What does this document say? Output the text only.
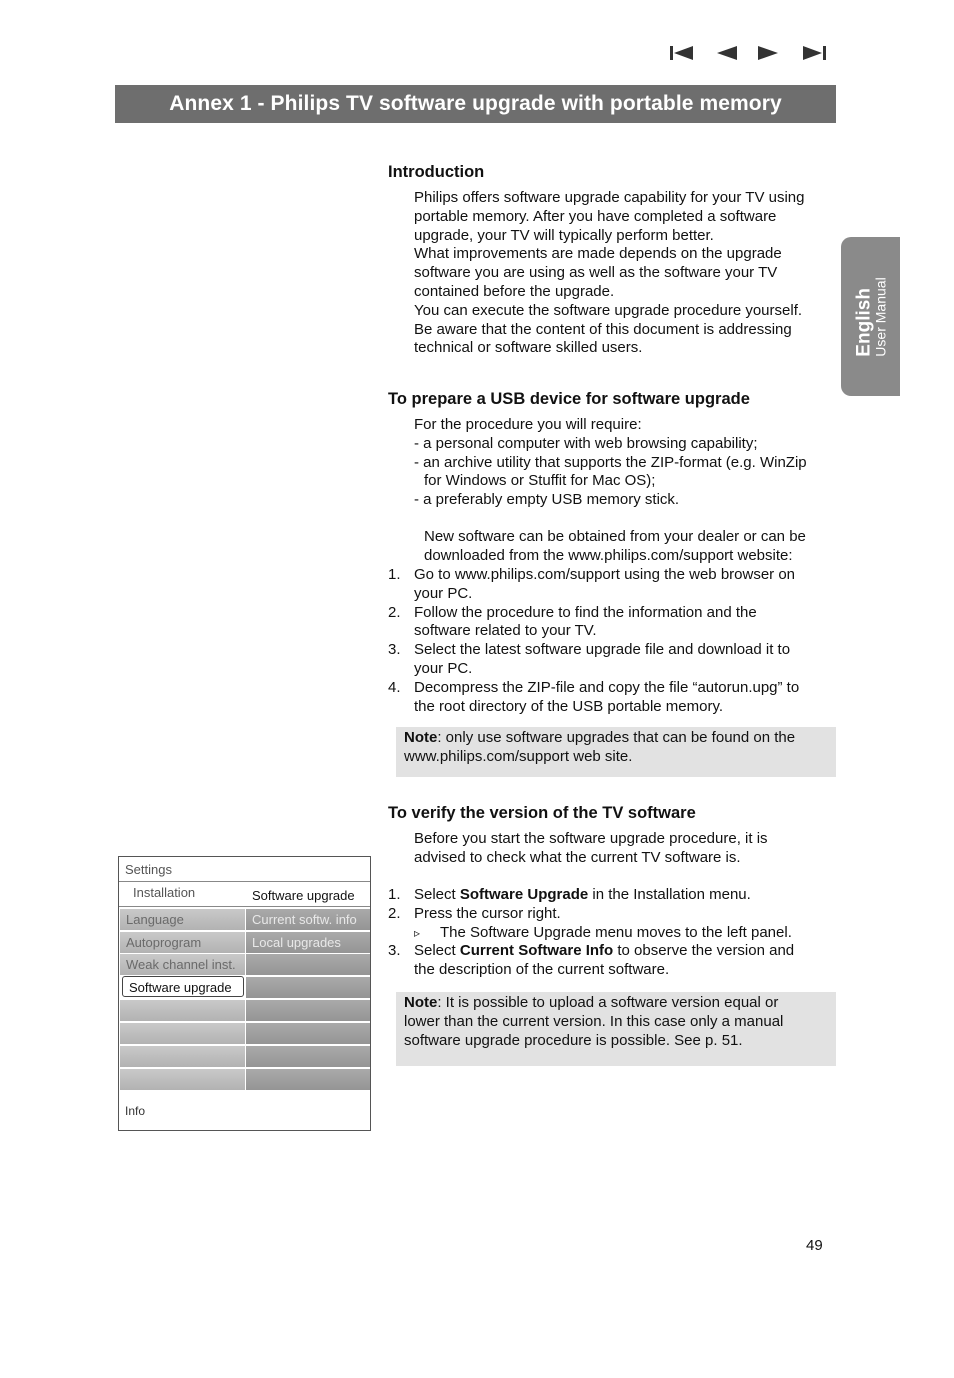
Annex 1 - Philips TV software upgrade with portable memory
English
User Manual
Introduction

Philips offers software upgrade capability for your TV using

portable memory. After you have completed a software

upgrade, your TV will typically perform better.

What improvements are made depends on the upgrade

software you are using as well as the software your TV

contained before the upgrade.

You can execute the software upgrade procedure yourself.

Be aware that the content of this document is addressing

technical or software skilled users.

To prepare a USB device for software upgrade

For the procedure you will require:

- a personal computer with web browsing capability;

- an archive utility that supports the ZIP-format (e.g. WinZip

for Windows or Stuffit for Mac OS);

- a preferably empty USB memory stick.

New software can be obtained from your dealer or can be

downloaded from the www.philips.com/support website:

1. Go to www.philips.com/support using the web browser on
your PC.
2. Follow the procedure to find the information and the
software related to your TV.
3. Select the latest software upgrade file and download it to
your PC.
4. Decompress the ZIP-file and copy the file “autorun.upg” to
the root directory of the USB portable memory.
Note: only use software upgrades that can be found on the
www.philips.com/support web site.
To verify the version of the TV software

Before you start the software upgrade procedure, it is

advised to check what the current TV software is.

1. Select Software Upgrade in the Installation menu.
2. Press the cursor right.
▹ The Software Upgrade menu moves to the left panel.
3. Select Current Software Info to observe the version and
the description of the current software.
Note: It is possible to upload a software version equal or
lower than the current version. In this case only a manual
software upgrade procedure is possible. See p. 51.
Settings
Installation	Software upgrade
Language
Autoprogram
Weak channel inst.
Software upgrade
Current softw. info
Local upgrades
Info
49
